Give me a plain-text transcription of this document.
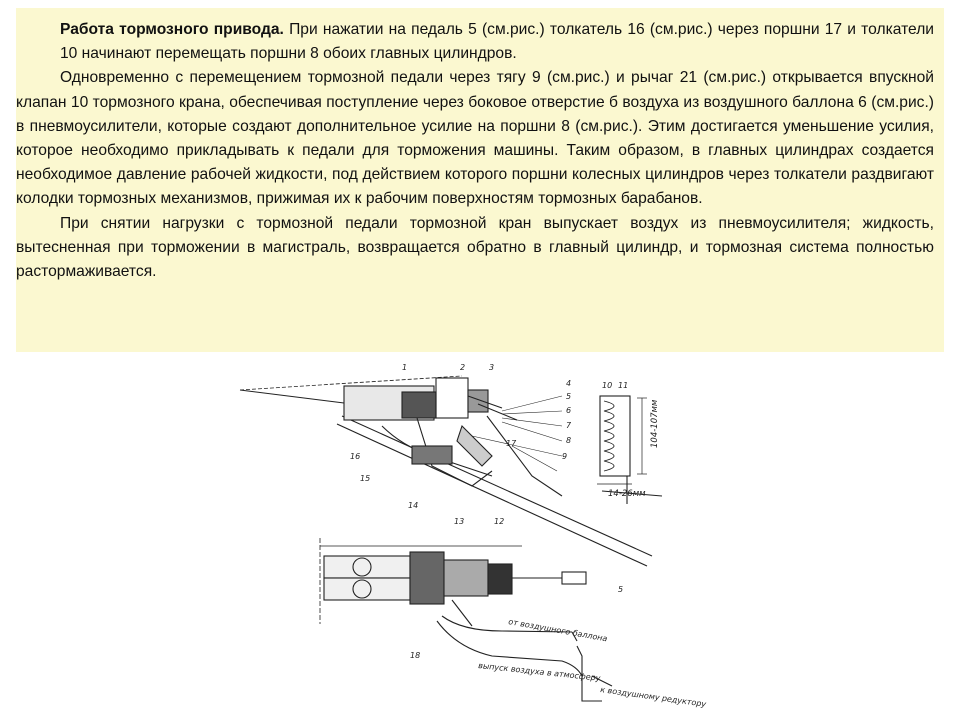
Работа тормозного привода. При нажатии на педаль 5 (см.рис.) толкатель 16 (см.рис.) через поршни 17 и толкатели 10 начинают перемещать поршни 8 обоих главных цилиндров.

Одновременно с перемещением тормозной педали через тягу 9 (см.рис.) и рычаг 21 (см.рис.) открывается впускной клапан 10 тормозного крана, обеспечивая поступление через боковое отверстие б воздуха из воздушного баллона 6 (см.рис.) в пневмоусилители, которые создают дополнительное усилие на поршни 8 (см.рис.). Этим достигается уменьшение усилия, которое необходимо прикладывать к педали для торможения машины. Таким образом, в главных цилиндрах создается необходимое давление рабочей жидкости, под действием которого поршни колесных цилиндров через толкатели раздвигают колодки тормозных механизмов, прижимая их к рабочим поверхностям тормозных барабанов.

При снятии нагрузки с тормозной педали тормозной кран выпускает воздух из пневмоусилителя; жидкость, вытесненная при торможении в магистраль, возвращается обратно в главный цилиндр, и тормозная система полностью растормаживается.

1	2	3
4
5
6
7
8
9
10 11
16
15
14
13	12
17	104-107мм
14-26мм
5
18
от воздушного баллона
выпуск воздуха в атмосферу
к воздушному редуктору
